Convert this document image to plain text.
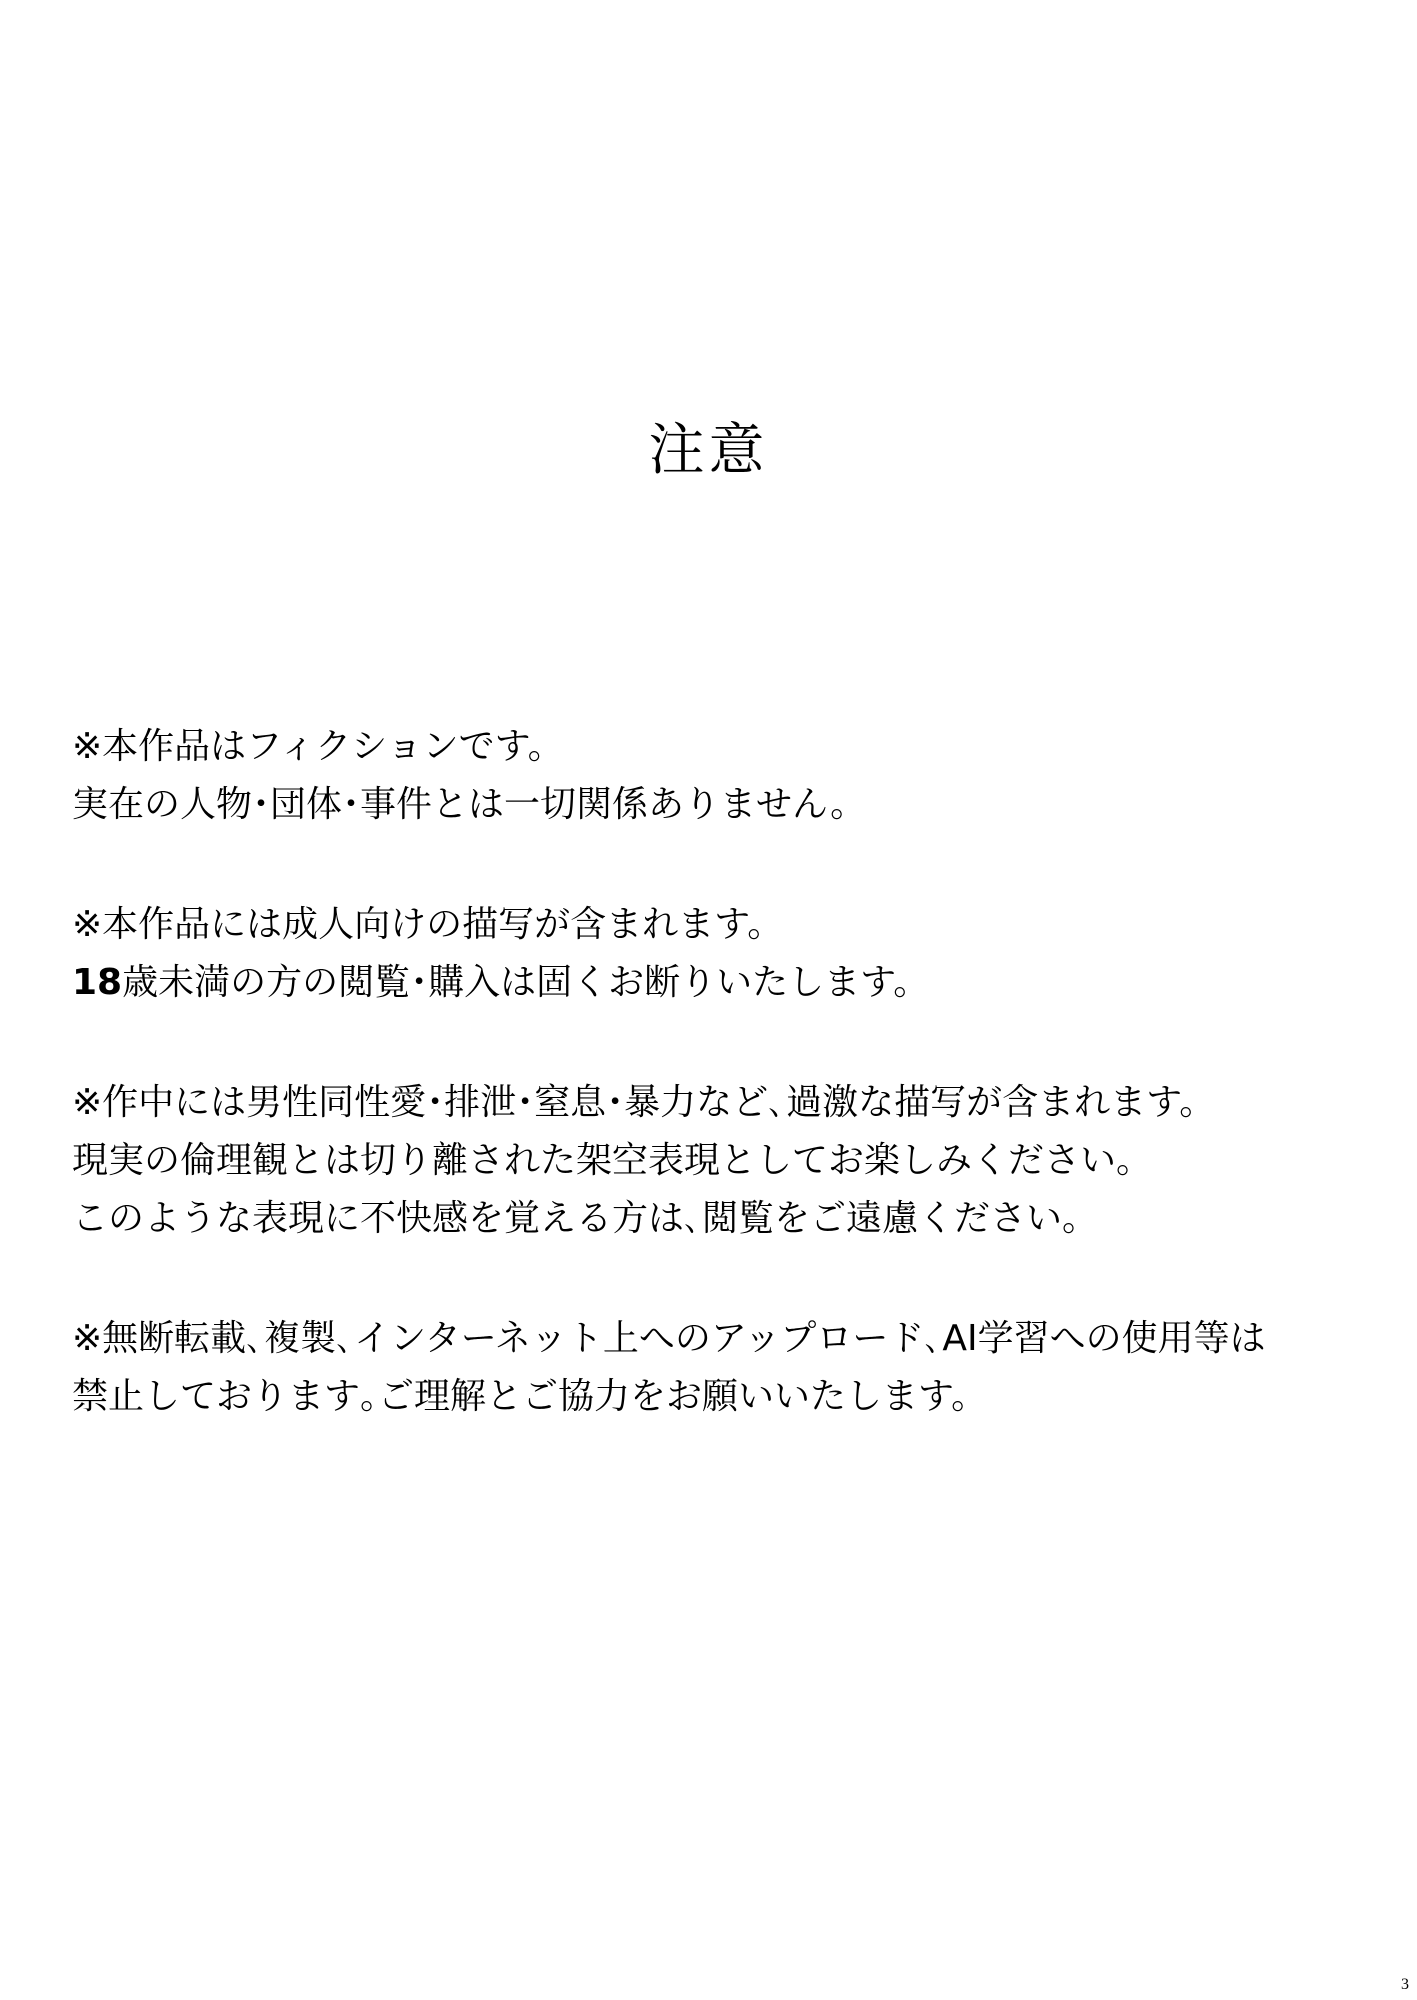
注意
※本作品はフィクションです。
実在の人物･団体･事件とは一切関係ありません。
※本作品には成人向けの描写が含まれます。
18歳未満の方の閲覧･購入は固くお断りいたします。
※作中には男性同性愛･排泄･窒息･暴力など､過激な描写が含まれます。
現実の倫理観とは切り離された架空表現としてお楽しみください。
このような表現に不快感を覚える方は､閲覧をご遠慮ください。
※無断転載､複製､インターネット上へのアップロード､AI学習への使用等は
禁止しております｡ご理解とご協力をお願いいたします。
3
